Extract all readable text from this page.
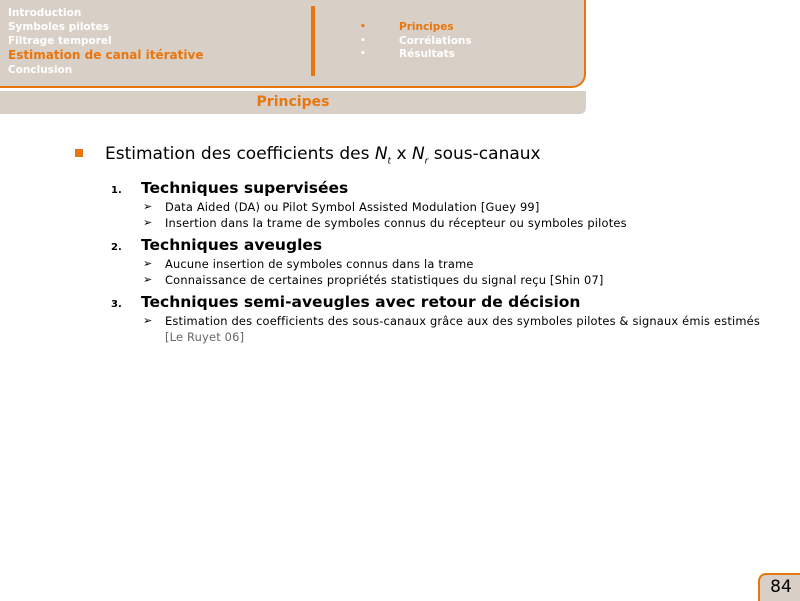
Introduction
Symboles pilotes
Filtrage temporel
Estimation de canal itérative
Conclusion
• Principes
• Corrélations
• Résultats
Principes
Estimation des coefficients des $N_t$ x $N_r$ sous-canaux
1. Techniques supervisées
➢ Data Aided (DA) ou Pilot Symbol Assisted Modulation [Guey 99]
➢ Insertion dans la trame de symboles connus du récepteur ou symboles pilotes
2. Techniques aveugles
➢ Aucune insertion de symboles connus dans la trame
➢ Connaissance de certaines propriétés statistiques du signal reçu [Shin 07]
3. Techniques semi-aveugles avec retour de décision
➢ Estimation des coefficients des sous-canaux grâce aux des symboles pilotes & signaux émis estimés [Le Ruyet 06]
84
